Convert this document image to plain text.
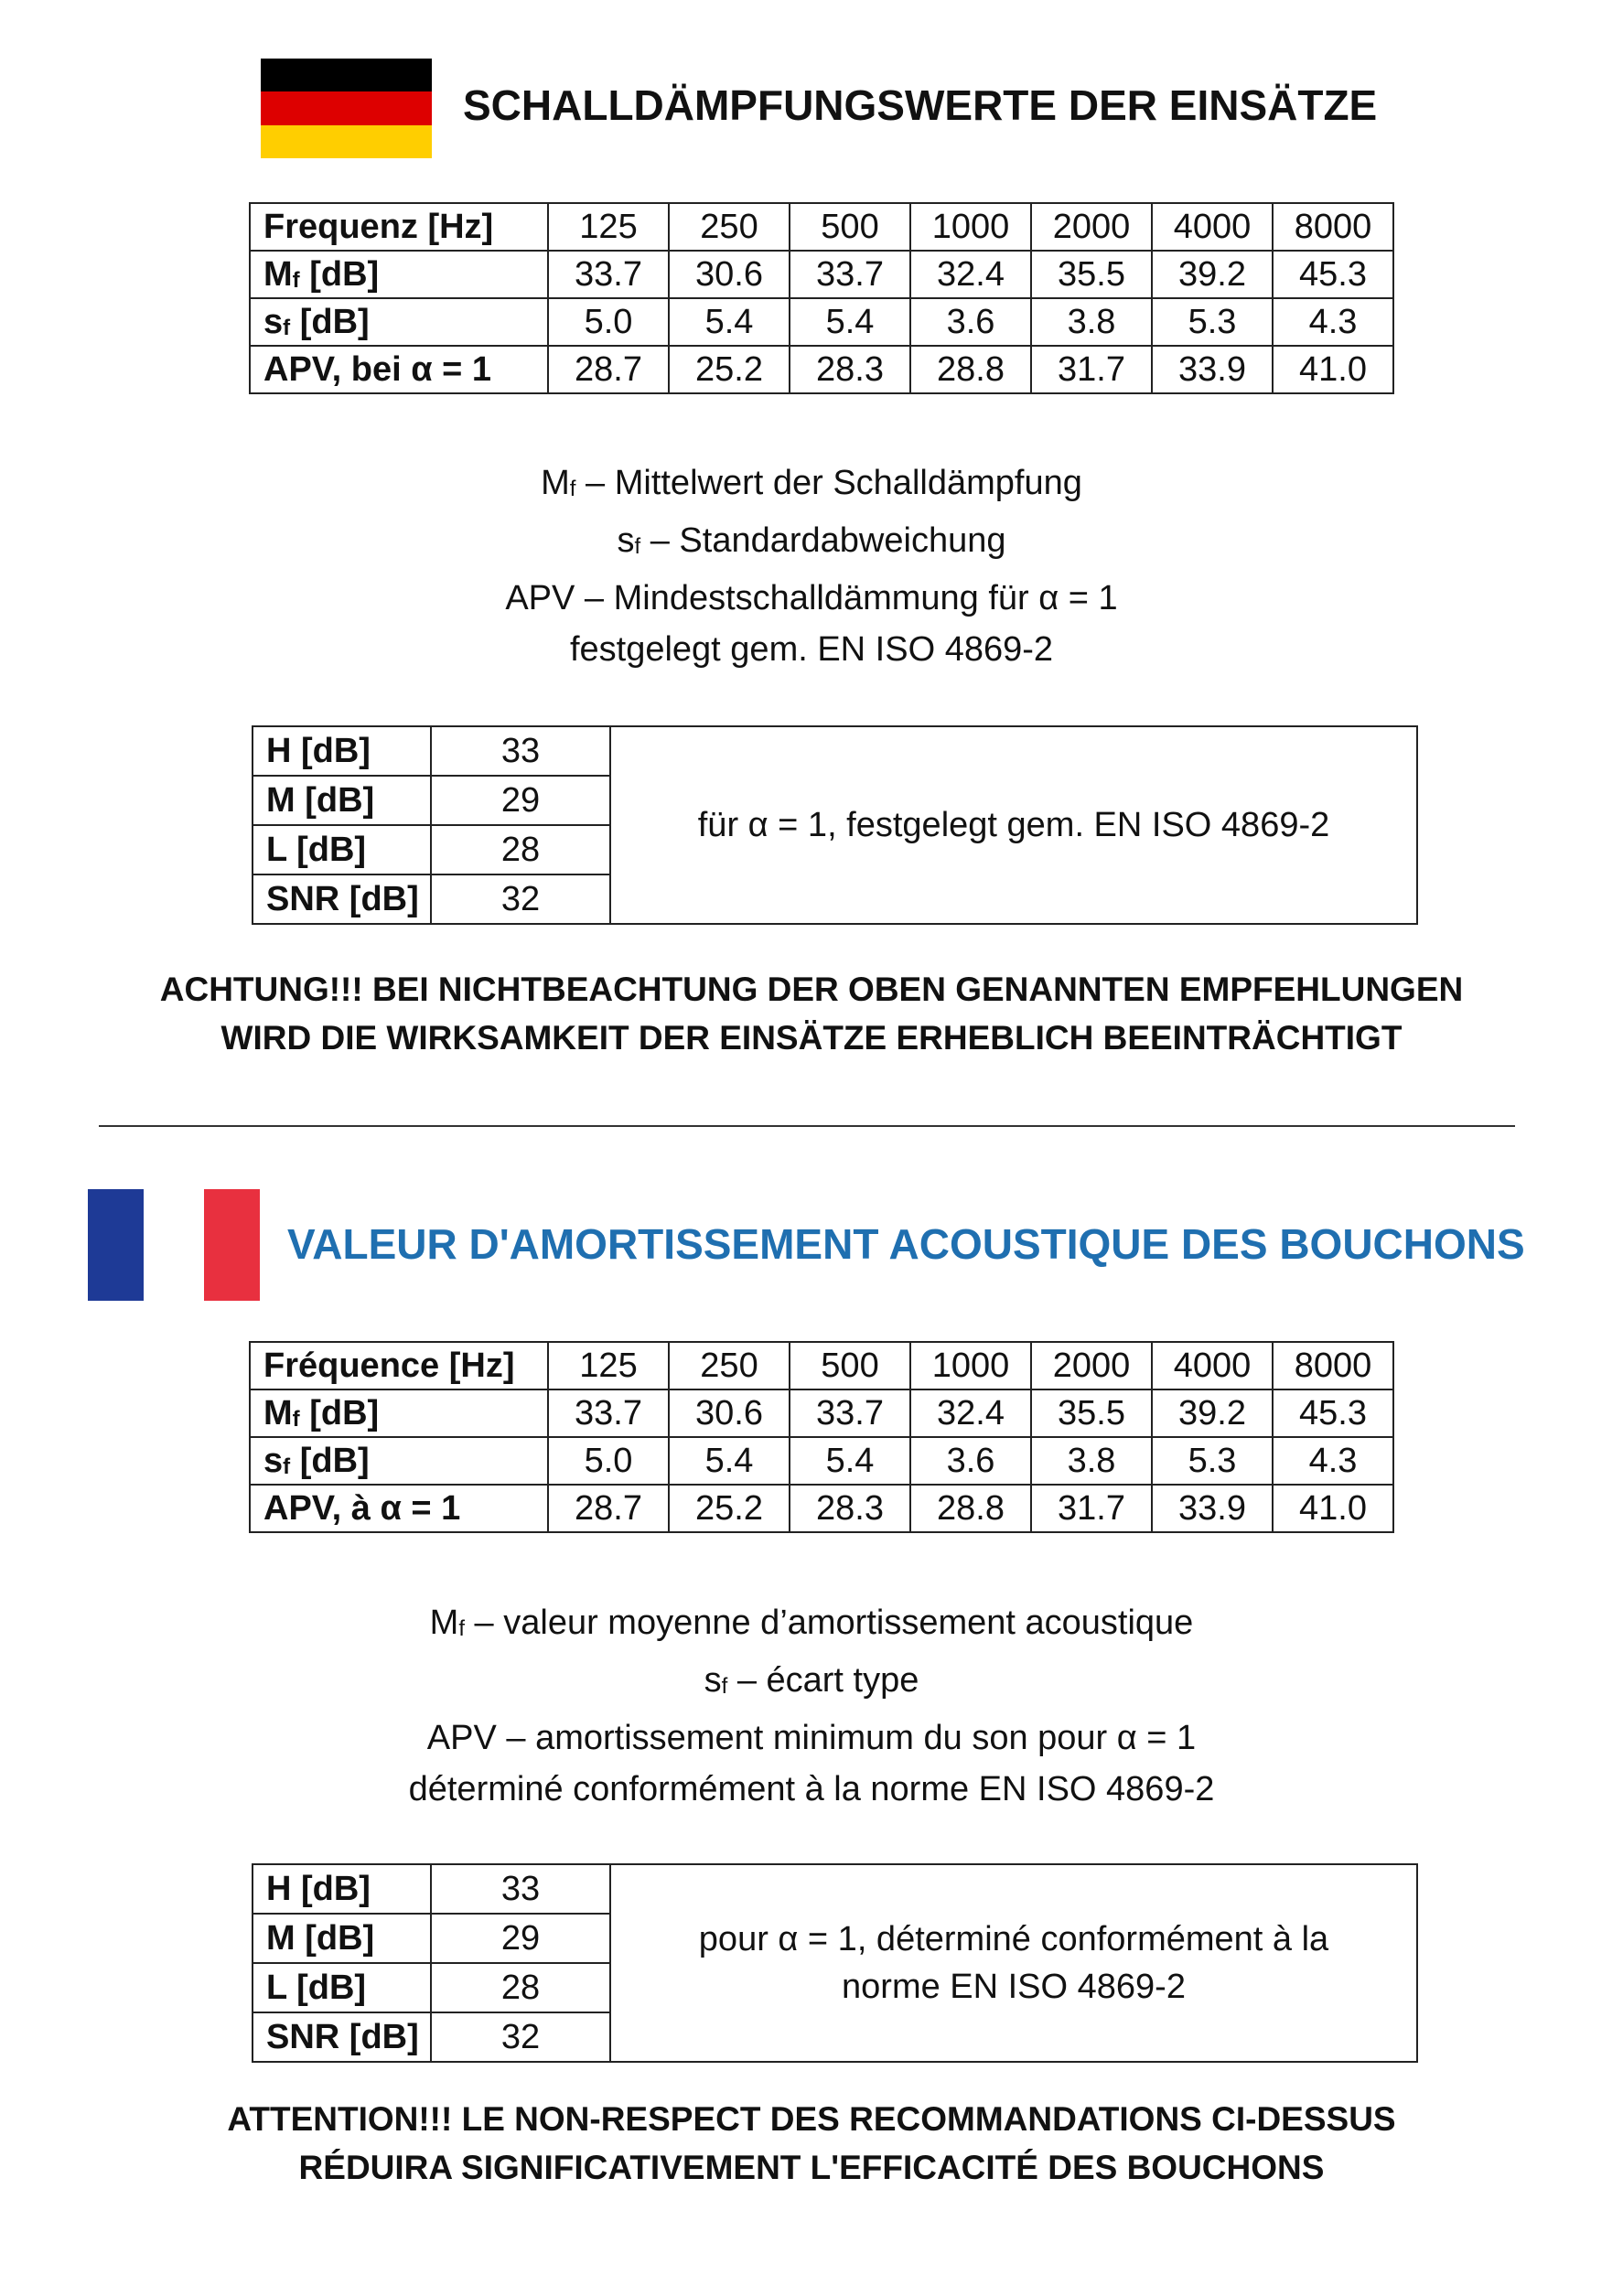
SCHALLDÄMPFUNGSWERTE DER EINSÄTZE
Frequenz [Hz]	125	250	500	1000	2000	4000	8000
$M_f$ [dB]	33.7	30.6	33.7	32.4	35.5	39.2	45.3
$s_f$ [dB]	5.0	5.4	5.4	3.6	3.8	5.3	4.3
APV, bei α = 1	28.7	25.2	28.3	28.8	31.7	33.9	41.0
$M_f$ – Mittelwert der Schalldämpfung
$s_f$ – Standardabweichung
APV – Mindestschalldämmung für α = 1
festgelegt gem. EN ISO 4869-2
H [dB]	33	für α = 1, festgelegt gem. EN ISO 4869-2

M [dB]	29	
L [dB]	28	
SNR [dB]	32	
ACHTUNG!!! BEI NICHTBEACHTUNG DER OBEN GENANNTEN EMPFEHLUNGEN
WIRD DIE WIRKSAMKEIT DER EINSÄTZE ERHEBLICH BEEINTRÄCHTIGT
VALEUR D'AMORTISSEMENT ACOUSTIQUE DES BOUCHONS
Fréquence [Hz]	125	250	500	1000	2000	4000	8000
$M_f$ [dB]	33.7	30.6	33.7	32.4	35.5	39.2	45.3
$s_f$ [dB]	5.0	5.4	5.4	3.6	3.8	5.3	4.3
APV, à α = 1	28.7	25.2	28.3	28.8	31.7	33.9	41.0
$M_f$ – valeur moyenne d’amortissement acoustique
$s_f$ – écart type
APV – amortissement minimum du son pour α = 1
déterminé conformément à la norme EN ISO 4869-2
H [dB]	33	pour α = 1, déterminé conformément à la
norme EN ISO 4869-2

M [dB]	29	
L [dB]	28	
SNR [dB]	32	
ATTENTION!!! LE NON-RESPECT DES RECOMMANDATIONS CI-DESSUS
RÉDUIRA SIGNIFICATIVEMENT L'EFFICACITÉ DES BOUCHONS
